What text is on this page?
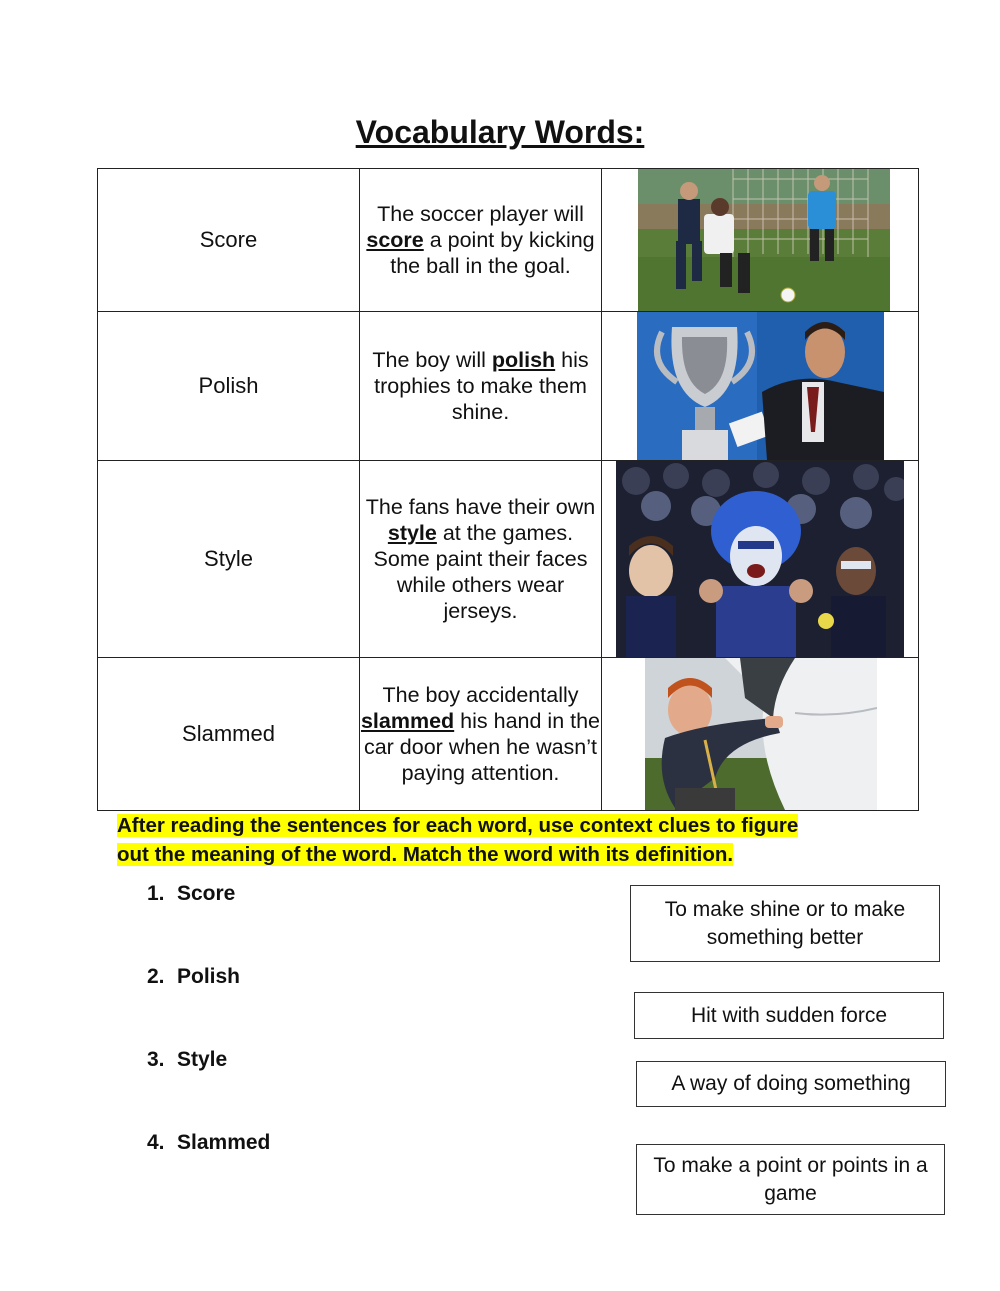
Vocabulary Words:
Score	The soccer player will score a point by kicking the ball in the goal.	

Polish	The boy will polish his trophies to make them shine.	

Style	The fans have their own style at the games. Some paint their faces while others wear jerseys.	

Slammed	The boy accidentally slammed his hand in the car door when he wasn’t paying attention.	
After reading the sentences for each word, use context clues to figure
out the meaning of the word. Match the word with its definition.
1. Score
2. Polish
3. Style
4. Slammed
To make shine or to make something better
Hit with sudden force
A way of doing something
To make a point or points in a game
